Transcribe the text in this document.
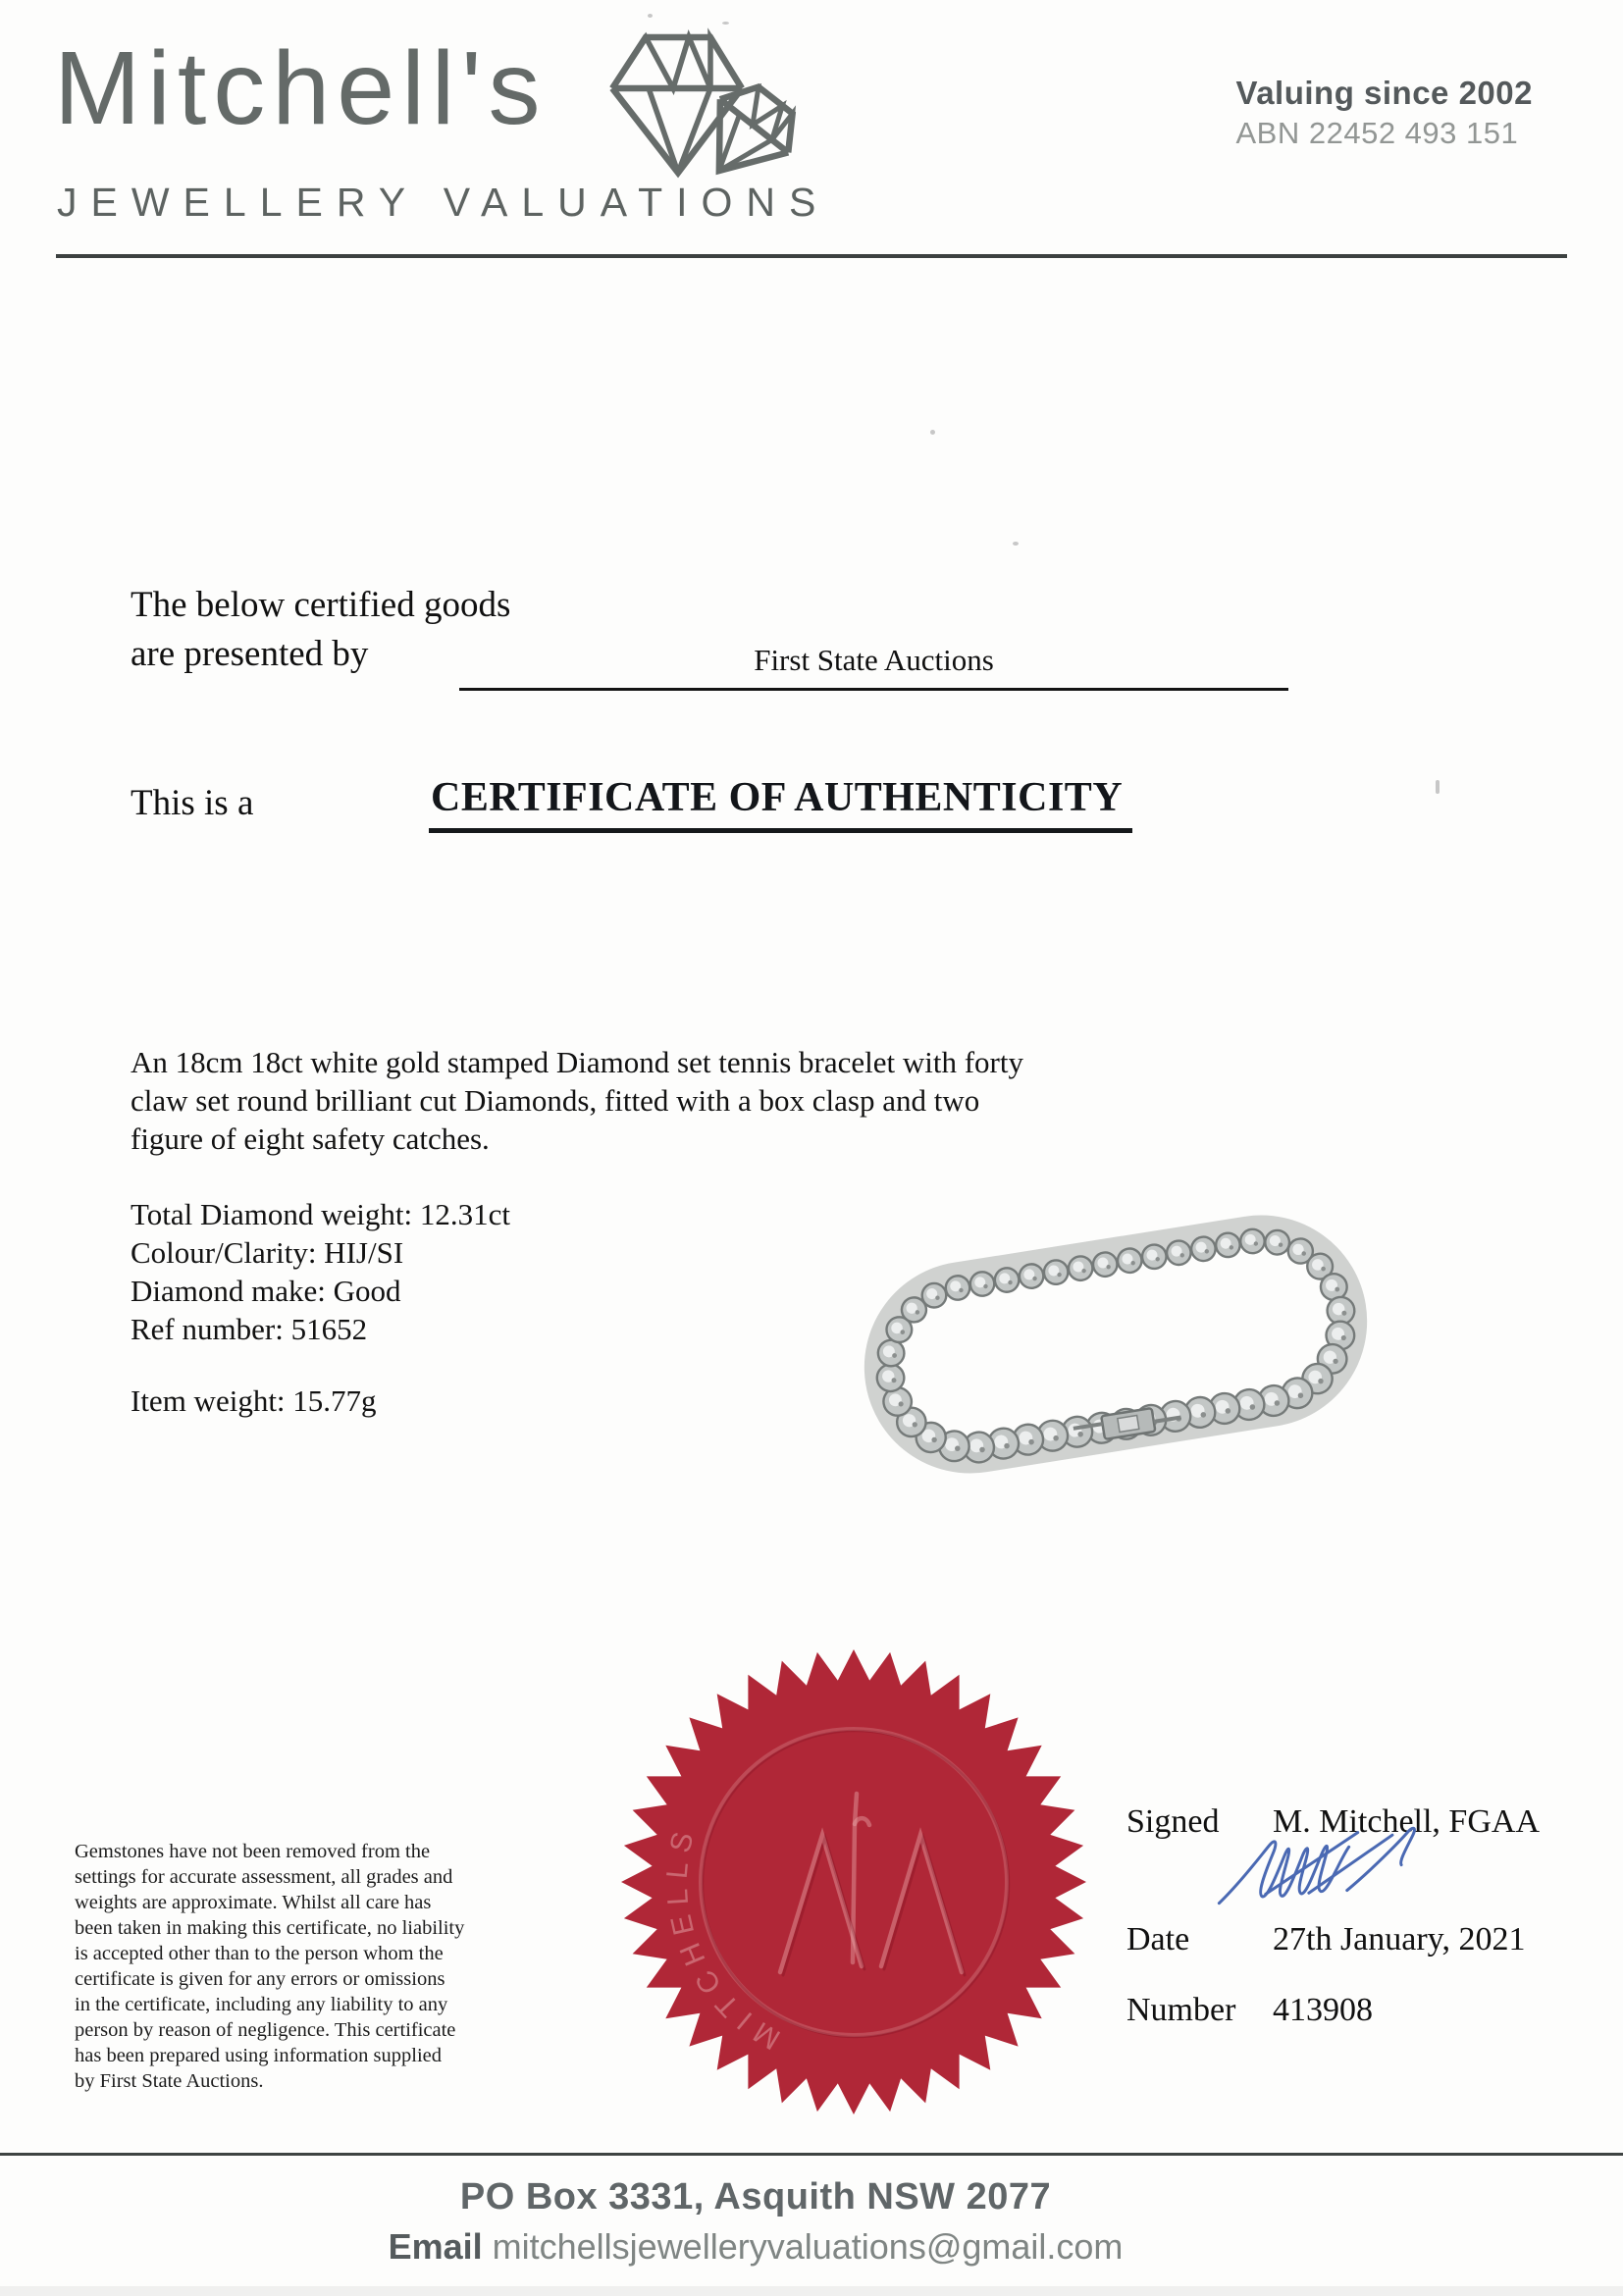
Mitchell's
JEWELLERY VALUATIONS
Valuing since 2002
ABN 22452 493 151
The below certified goods
are presented by	First State Auctions
This is a	CERTIFICATE OF AUTHENTICITY
An 18cm 18ct white gold stamped Diamond set tennis bracelet with forty claw set round brilliant cut Diamonds, fitted with a box clasp and two figure of eight safety catches.
Total Diamond weight: 12.31ct
Colour/Clarity: HIJ/SI
Diamond make: Good
Ref number: 51652
Item weight: 15.77g
MITCHELLS
Gemstones have not been removed from the settings for accurate assessment, all grades and weights are approximate. Whilst all care has been taken in making this certificate, no liability is accepted other than to the person whom the certificate is given for any errors or omissions in the certificate, including any liability to any person by reason of negligence. This certificate has been prepared using information supplied by First State Auctions.
Signed M. Mitchell, FGAA
Date 27th January, 2021
Number 413908
PO Box 3331, Asquith NSW 2077
Email mitchellsjewelleryvaluations@gmail.com
